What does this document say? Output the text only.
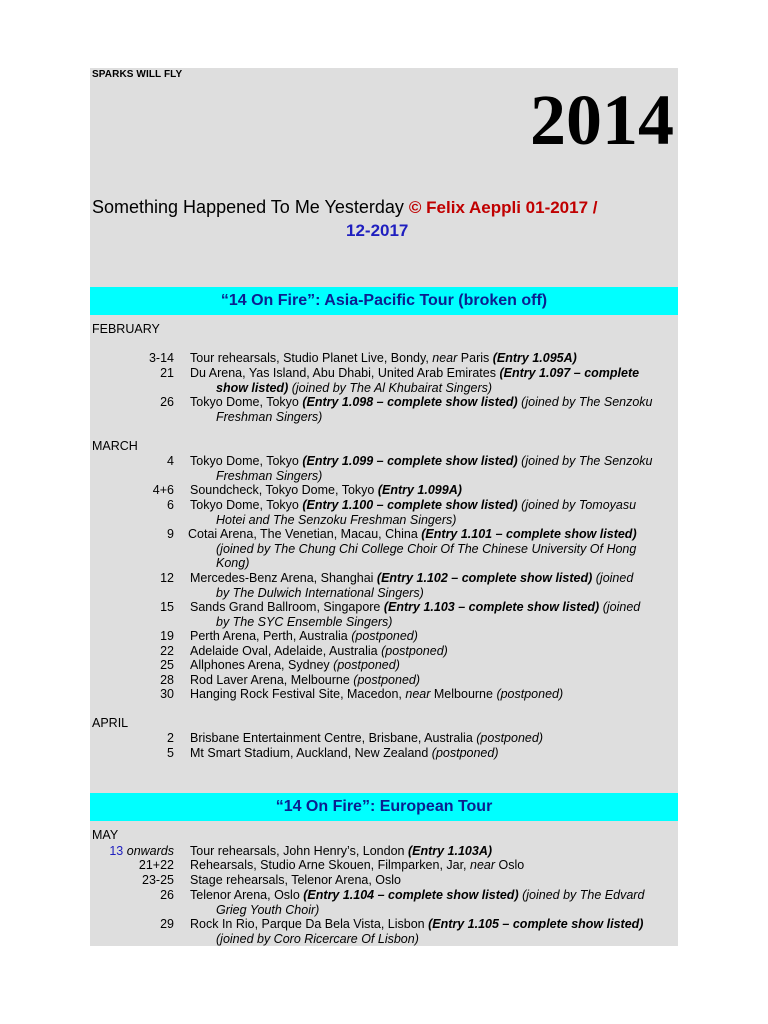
SPARKS WILL FLY
2014
Something Happened To Me Yesterday © Felix Aeppli 01-2017 /
12-2017
“14 On Fire”: Asia-Pacific Tour (broken off)
FEBRUARY
3-14 Tour rehearsals, Studio Planet Live, Bondy, near Paris (Entry 1.095A)
21 Du Arena, Yas Island, Abu Dhabi, United Arab Emirates (Entry 1.097 – complete
show listed) (joined by The Al Khubairat Singers)
26 Tokyo Dome, Tokyo (Entry 1.098 – complete show listed) (joined by The Senzoku
Freshman Singers)
MARCH
4 Tokyo Dome, Tokyo (Entry 1.099 – complete show listed) (joined by The Senzoku
Freshman Singers)
4+6 Soundcheck, Tokyo Dome, Tokyo (Entry 1.099A)
6 Tokyo Dome, Tokyo (Entry 1.100 – complete show listed) (joined by Tomoyasu
Hotei and The Senzoku Freshman Singers)
9 Cotai Arena, The Venetian, Macau, China (Entry 1.101 – complete show listed)
(joined by The Chung Chi College Choir Of The Chinese University Of Hong
Kong)
12 Mercedes-Benz Arena, Shanghai (Entry 1.102 – complete show listed) (joined
by The Dulwich International Singers)
15 Sands Grand Ballroom, Singapore (Entry 1.103 – complete show listed) (joined
by The SYC Ensemble Singers)
19 Perth Arena, Perth, Australia (postponed)
22 Adelaide Oval, Adelaide, Australia (postponed)
25 Allphones Arena, Sydney (postponed)
28 Rod Laver Arena, Melbourne (postponed)
30 Hanging Rock Festival Site, Macedon, near Melbourne (postponed)
APRIL
2 Brisbane Entertainment Centre, Brisbane, Australia (postponed)
5 Mt Smart Stadium, Auckland, New Zealand (postponed)
“14 On Fire”: European Tour
MAY
13 onwards Tour rehearsals, John Henry’s, London (Entry 1.103A)
21+22 Rehearsals, Studio Arne Skouen, Filmparken, Jar, near Oslo
23-25 Stage rehearsals, Telenor Arena, Oslo
26 Telenor Arena, Oslo (Entry 1.104 – complete show listed) (joined by The Edvard
Grieg Youth Choir)
29 Rock In Rio, Parque Da Bela Vista, Lisbon (Entry 1.105 – complete show listed)
(joined by Coro Ricercare Of Lisbon)
